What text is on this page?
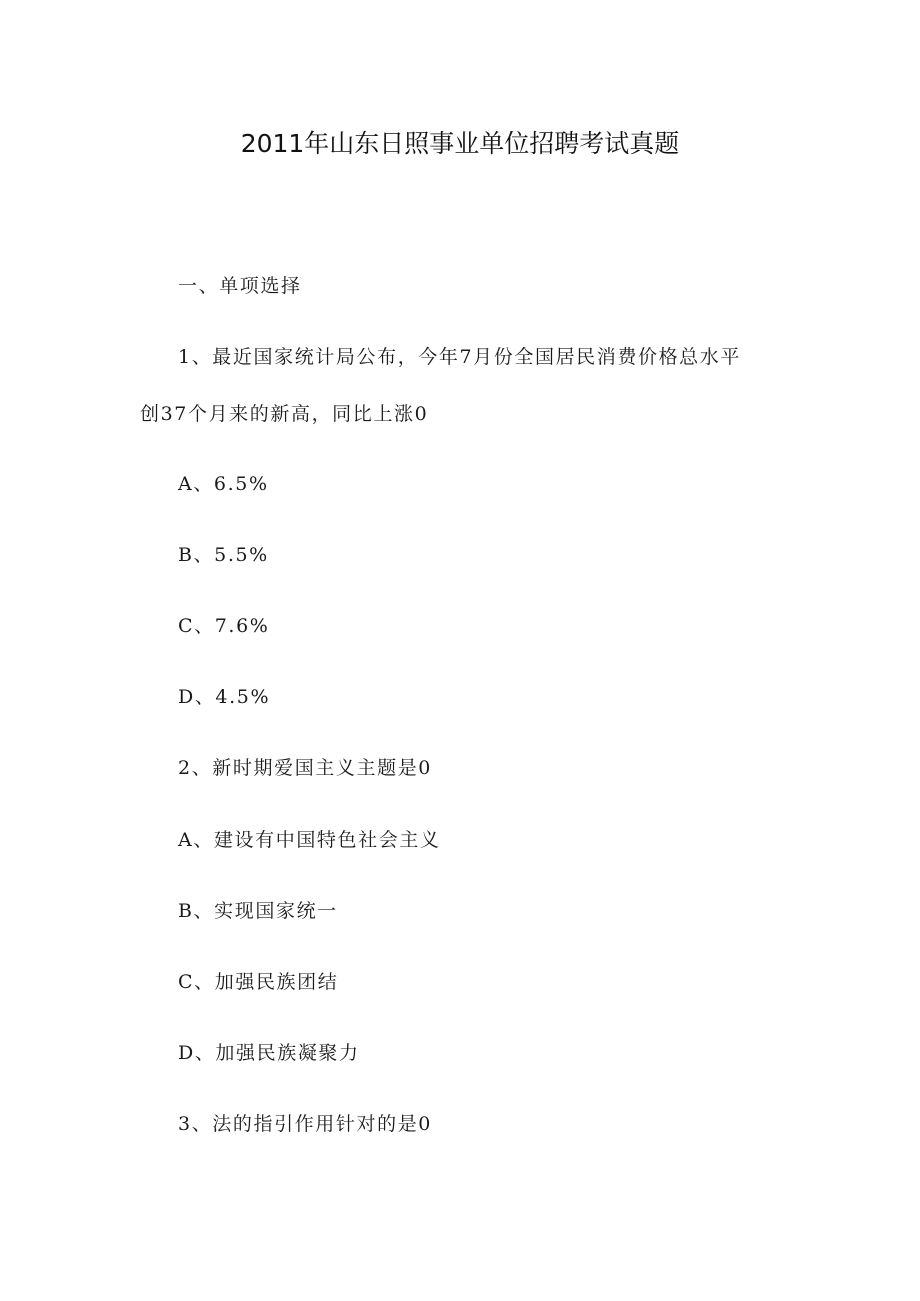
2011年山东日照事业单位招聘考试真题
一、单项选择
1、最近国家统计局公布，今年7月份全国居民消费价格总水平
创37个月来的新高，同比上涨0
A、6.5%
B、5.5%
C、7.6%
D、4.5%
2、新时期爱国主义主题是0
A、建设有中国特色社会主义
B、实现国家统一
C、加强民族团结
D、加强民族凝聚力
3、法的指引作用针对的是0
